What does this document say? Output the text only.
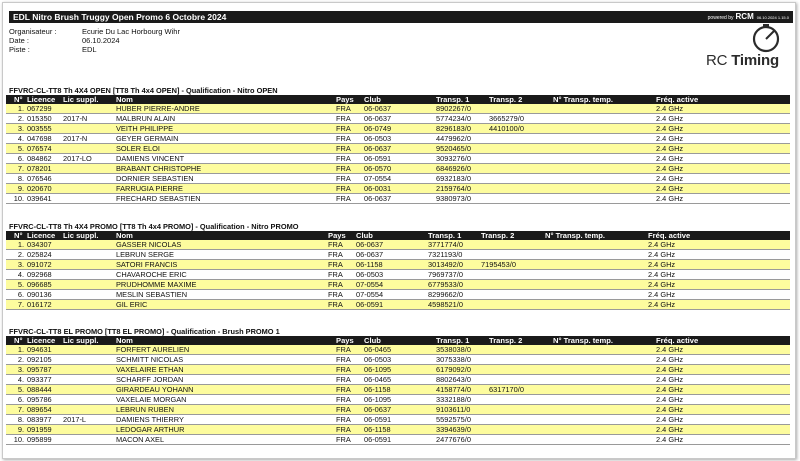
EDL Nitro Brush Truggy Open Promo 6 Octobre 2024	powered by RCM 06.10.2024 1.15.0
Organisateur :	Ecurie Du Lac Horbourg Wihr
Date :	06.10.2024
Piste :	EDL
RC Timing
FFVRC-CL-TT8 Th 4X4 OPEN [TT8 Th 4x4 OPEN] - Qualification - Nitro OPEN
N° Licence Lic suppl. Nom	Pays Club	Transp. 1	Transp. 2	N° Transp. temp.	Fréq. active
1. 067299	HUBER PIERRE-ANDRE	FRA 06-0637	8902267/0	2.4 GHz
2. 015350 2017-N	MALBRUN ALAIN	FRA 06-0637	5774234/0 3665279/0	2.4 GHz
3. 003555	VEITH PHILIPPE	FRA 06-0749	8296183/0 4410100/0	2.4 GHz
4. 047698 2017-N	GEYER GERMAIN	FRA 06-0503	4479962/0	2.4 GHz
5. 076574	SOLER ELOI	FRA 06-0637	9520465/0	2.4 GHz
6. 084862 2017-LO	DAMIENS VINCENT	FRA 06-0591	3093276/0	2.4 GHz
7. 078201	BRABANT CHRISTOPHE	FRA 06-0570	6846926/0	2.4 GHz
8. 076546	DORNIER SEBASTIEN	FRA 07-0554	6932183/0	2.4 GHz
9. 020670	FARRUGIA PIERRE	FRA 06-0031	2159764/0	2.4 GHz
10. 039641	FRECHARD SEBASTIEN	FRA 06-0637	9380973/0	2.4 GHz
FFVRC-CL-TT8 Th 4X4 PROMO [TT8 Th 4x4 PROMO] - Qualification - Nitro PROMO
N° Licence Lic suppl. Nom	Pays Club	Transp. 1	Transp. 2	N° Transp. temp.	Fréq. active
1. 034307	GASSER NICOLAS	FRA 06-0637	3771774/0	2.4 GHz
2. 025824	LEBRUN SERGE	FRA 06-0637	7321193/0	2.4 GHz
3. 091072	SATORI FRANCIS	FRA 06-1158	3013492/0 7195453/0	2.4 GHz
4. 092968	CHAVAROCHE ERIC	FRA 06-0503	7969737/0	2.4 GHz
5. 096685	PRUDHOMME MAXIME	FRA 07-0554	6779533/0	2.4 GHz
6. 090136	MESLIN SEBASTIEN	FRA 07-0554	8299662/0	2.4 GHz
7. 016172	GIL ERIC	FRA 06-0591	4598521/0	2.4 GHz
FFVRC-CL-TT8 EL PROMO [TT8 EL PROMO] - Qualification - Brush PROMO 1
N° Licence Lic suppl. Nom	Pays Club	Transp. 1	Transp. 2	N° Transp. temp.	Fréq. active
1. 094631	FORFERT AURELIEN	FRA 06-0465	3538038/0	2.4 GHz
2. 092105	SCHMITT NICOLAS	FRA 06-0503	3075338/0	2.4 GHz
3. 095787	VAXELAIRE ETHAN	FRA 06-1095	6179092/0	2.4 GHz
4. 093377	SCHARFF JORDAN	FRA 06-0465	8802643/0	2.4 GHz
5. 088444	GIRARDEAU YOHANN	FRA 06-1158	4158774/0 6317170/0	2.4 GHz
6. 095786	VAXELAIE MORGAN	FRA 06-1095	3332188/0	2.4 GHz
7. 089654	LEBRUN RUBEN	FRA 06-0637	9103611/0	2.4 GHz
8. 083977 2017-L	DAMIENS THIERRY	FRA 06-0591	5592575/0	2.4 GHz
9. 091959	LEDOGAR ARTHUR	FRA 06-1158	3394639/0	2.4 GHz
10. 095899	MACON AXEL	FRA 06-0591	2477676/0	2.4 GHz
